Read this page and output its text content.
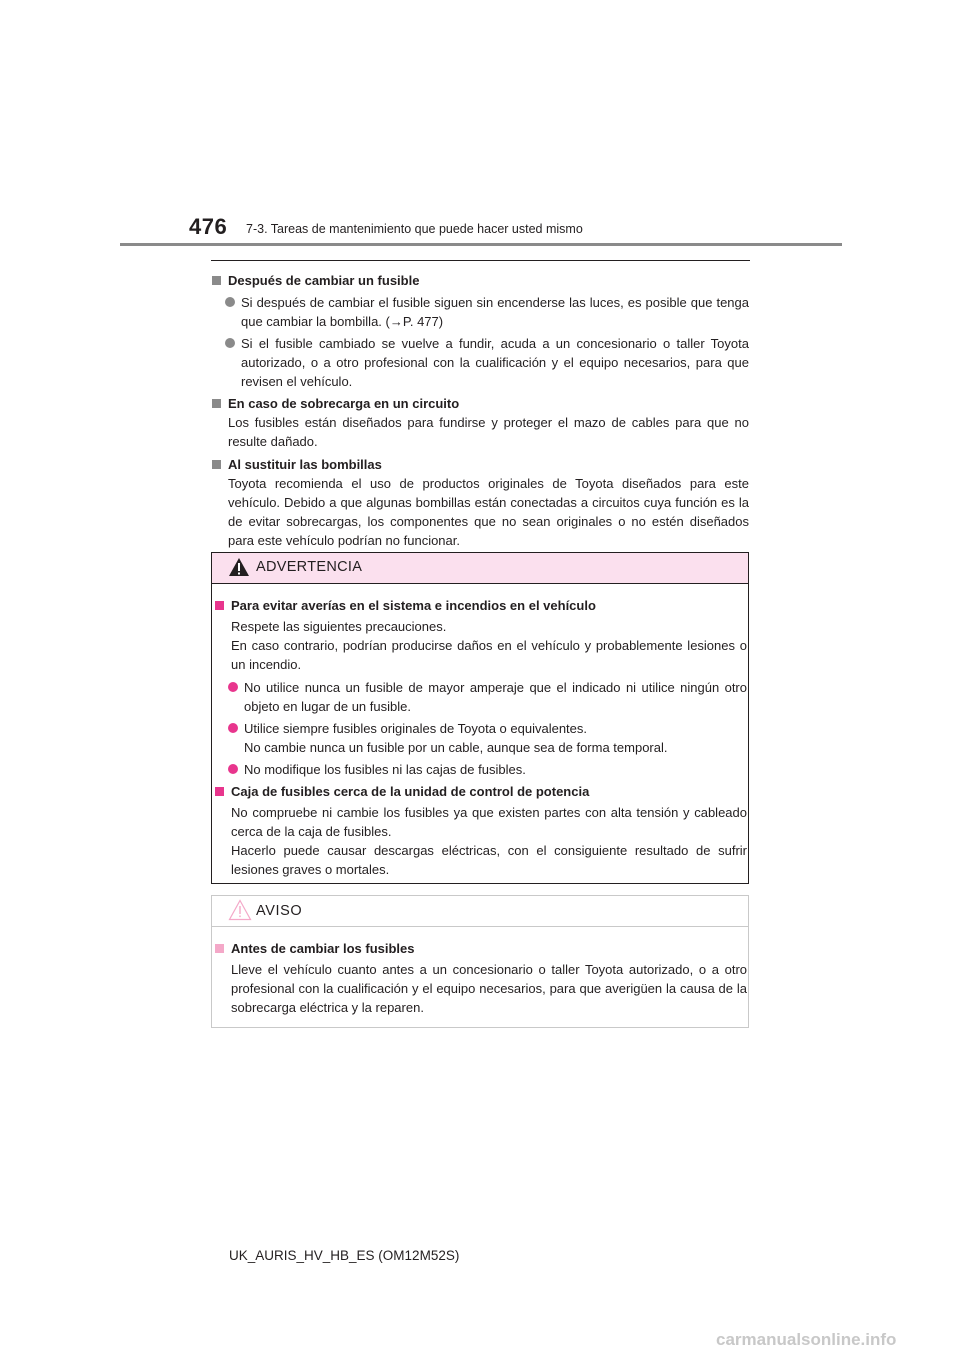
476 7-3. Tareas de mantenimiento que puede hacer usted mismo
Después de cambiar un fusible
Si después de cambiar el fusible siguen sin encenderse las luces, es posible que tenga que cambiar la bombilla. (→P. 477)
Si el fusible cambiado se vuelve a fundir, acuda a un concesionario o taller Toyota autorizado, o a otro profesional con la cualificación y el equipo necesarios, para que revisen el vehículo.
En caso de sobrecarga en un circuito
Los fusibles están diseñados para fundirse y proteger el mazo de cables para que no resulte dañado.
Al sustituir las bombillas
Toyota recomienda el uso de productos originales de Toyota diseñados para este vehículo. Debido a que algunas bombillas están conectadas a circuitos cuya función es la de evitar sobrecargas, los componentes que no sean originales o no estén diseñados para este vehículo podrían no funcionar.
ADVERTENCIA
Para evitar averías en el sistema e incendios en el vehículo
Respete las siguientes precauciones.
En caso contrario, podrían producirse daños en el vehículo y probablemente lesiones o un incendio.
No utilice nunca un fusible de mayor amperaje que el indicado ni utilice ningún otro objeto en lugar de un fusible.
Utilice siempre fusibles originales de Toyota o equivalentes.
No cambie nunca un fusible por un cable, aunque sea de forma temporal.
No modifique los fusibles ni las cajas de fusibles.
Caja de fusibles cerca de la unidad de control de potencia
No compruebe ni cambie los fusibles ya que existen partes con alta tensión y cableado cerca de la caja de fusibles.
Hacerlo puede causar descargas eléctricas, con el consiguiente resultado de sufrir lesiones graves o mortales.
AVISO
Antes de cambiar los fusibles
Lleve el vehículo cuanto antes a un concesionario o taller Toyota autorizado, o a otro profesional con la cualificación y el equipo necesarios, para que averigüen la causa de la sobrecarga eléctrica y la reparen.
UK_AURIS_HV_HB_ES (OM12M52S)
carmanualsonline.info
